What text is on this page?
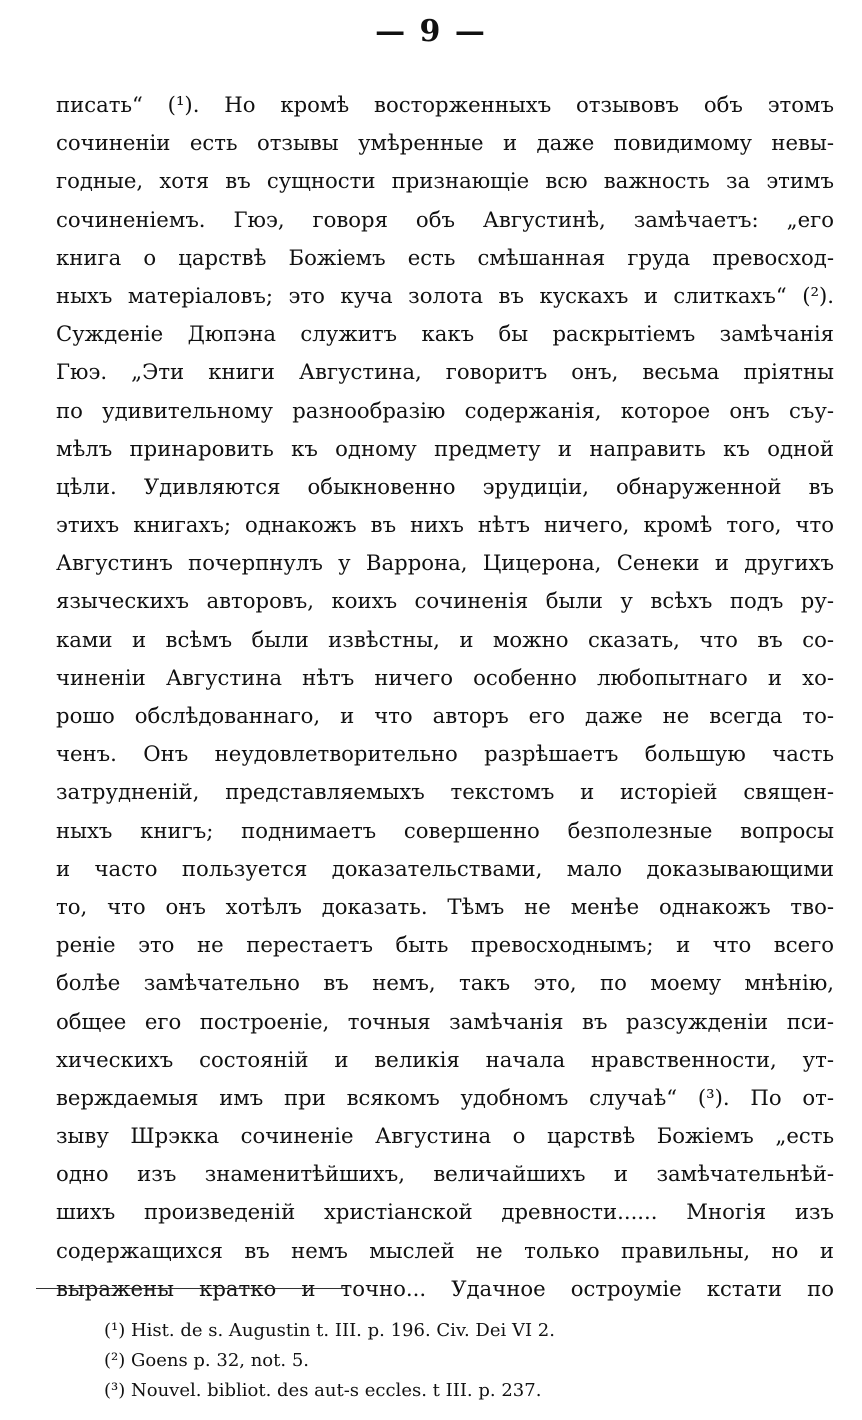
— 9 —
писать“ (¹). Но кромѣ восторженныхъ отзывовъ объ этомъ
сочиненіи есть отзывы умѣренные и даже повидимому невы-
годные, хотя въ сущности признающіе всю важность за этимъ
сочиненіемъ. Гюэ, говоря объ Августинѣ, замѣчаетъ: „его
книга о царствѣ Божіемъ есть смѣшанная груда превосход-
ныхъ матеріаловъ; это куча золота въ кускахъ и слиткахъ“ (²).
Сужденіе Дюпэна служитъ какъ бы раскрытіемъ замѣчанія
Гюэ. „Эти книги Августина, говоритъ онъ, весьма пріятны
по удивительному разнообразію содержанія, которое онъ съу-
мѣлъ принаровить къ одному предмету и направить къ одной
цѣли. Удивляются обыкновенно эрудиціи, обнаруженной въ
этихъ книгахъ; однакожъ въ нихъ нѣтъ ничего, кромѣ того, что
Августинъ почерпнулъ у Варрона, Цицерона, Сенеки и другихъ
языческихъ авторовъ, коихъ сочиненія были у всѣхъ подъ ру-
ками и всѣмъ были извѣстны, и можно сказать, что въ со-
чиненіи Августина нѣтъ ничего особенно любопытнаго и хо-
рошо обслѣдованнаго, и что авторъ его даже не всегда то-
ченъ. Онъ неудовлетворительно разрѣшаетъ большую часть
затрудненій, представляемыхъ текстомъ и исторіей священ-
ныхъ книгъ; поднимаетъ совершенно безполезные вопросы
и часто пользуется доказательствами, мало доказывающими
то, что онъ хотѣлъ доказать. Тѣмъ не менѣе однакожъ тво-
реніе это не перестаетъ быть превосходнымъ; и что всего
болѣе замѣчательно въ немъ, такъ это, по моему мнѣнію,
общее его построеніе, точныя замѣчанія въ разсужденіи пси-
хическихъ состояній и великія начала нравственности, ут-
верждаемыя имъ при всякомъ удобномъ случаѣ“ (³). По от-
зыву Шрэкка сочиненіе Августина о царствѣ Божіемъ „есть
одно изъ знаменитѣйшихъ, величайшихъ и замѣчательнѣй-
шихъ произведеній христіанской древности...... Многія изъ
содержащихся въ немъ мыслей не только правильны, но и
выражены кратко и точно... Удачное остроуміе кстати по
(¹) Hist. de s. Augustin t. III. p. 196. Civ. Dei VI 2.
(²) Goens p. 32, not. 5.
(³) Nouvel. bibliot. des aut-s eccles. t III. p. 237.
